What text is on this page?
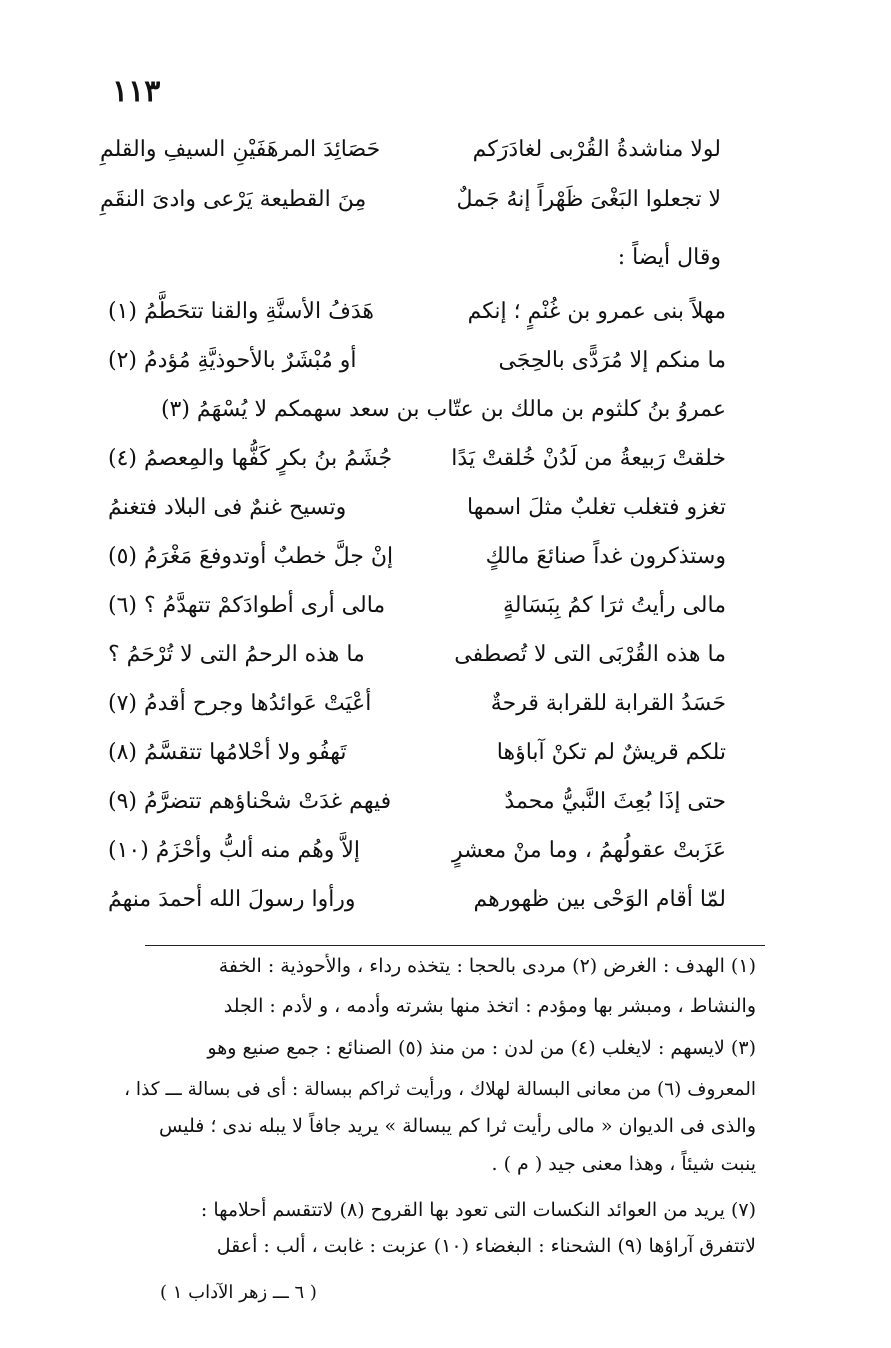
١١٣
لولا مناشدةُ القُرْبى لغادَرَكم
حَصَائِدَ المرهَفَيْنِ السيفِ والقلمِ
لا تجعلوا البَغْىَ ظَهْراً إنهُ جَملٌ
مِنَ القطيعة يَرْعى وادىَ النقَمِ
وقال أيضاً :
مهلاً بنى عمرو بن غُنْمٍ ؛ إنكم
هَدَفُ الأسنَّةِ والقنا تتحَطَّمُ (١)
ما منكم إلا مُرَدًّى بالحِجَى
أو مُبْشَرٌ بالأحوذيَّةِ مُؤدمُ (٢)
عمروُ بنُ كلثوم بن مالك بن عتّاب بن سعد سهمكم لا يُسْهَمُ (٣)
خلقتْ رَبيعةُ من لَدُنْ خُلقتْ يَدًا
جُشَمُ بنُ بكرٍ كَفُّها والمِعصمُ (٤)
تغزو فتغلب تغلبٌ مثلَ اسمها
وتسيح غنمٌ فى البلاد فتغنمُ
وستذكرون غداً صنائعَ مالكٍ
إنْ جلَّ خطبٌ أوتدوفعَ مَغْرَمُ (٥)
مالى رأيتُ ثرَا كمُ بِبَسَالةٍ
مالى أرى أطوادَكمْ تتهدَّمُ ؟ (٦)
ما هذه القُرْبَى التى لا تُصطفى
ما هذه الرحمُ التى لا تُرْحَمُ ؟
حَسَدُ القرابة للقرابة قرحةٌ
أعْيَتْ عَوائدُها وجرح أقدمُ (٧)
تلكم قريشٌ لم تكنْ آباؤها
تَهفُو ولا أحْلامُها تتقسَّمُ (٨)
حتى إذَا بُعِثَ النَّبيُّ محمدٌ
فيهم غدَتْ شحْناؤهم تتضرَّمُ (٩)
عَزَبتْ عقولُهمُ ، وما منْ معشرٍ
إلاَّ وهُم منه ألبُّ وأحْزَمُ (١٠)
لمّا أقام الوَحْى بين ظهورهم
ورأوا رسولَ الله أحمدَ منهمُ
(١) الهدف : الغرض (٢) مردى بالحجا : يتخذه رداء ، والأحوذية : الخفة
والنشاط ، ومبشر بها ومؤدم : اتخذ منها بشرته وأدمه ، و لأدم : الجلد
(٣) لايسهم : لايغلب (٤) من لدن : من منذ (٥) الصنائع : جمع صنيع وهو
المعروف (٦) من معانى البسالة لهلاك ، ورأيت ثراكم ببسالة : أى فى بسالة ـــ كذا ،
والذى فى الديوان « مالى رأيت ثرا كم يبسالة » يريد جافاً لا يبله ندى ؛ فليس
ينبت شيئاً ، وهذا معنى جيد ( م ) .
(٧) يريد من العوائد النكسات التى تعود بها القروح (٨) لاتتقسم أحلامها :
لاتتفرق آراؤها (٩) الشحناء : البغضاء (١٠) عزبت : غابت ، ألب : أعقل
( ٦ ـــ زهر الآداب ١ )
